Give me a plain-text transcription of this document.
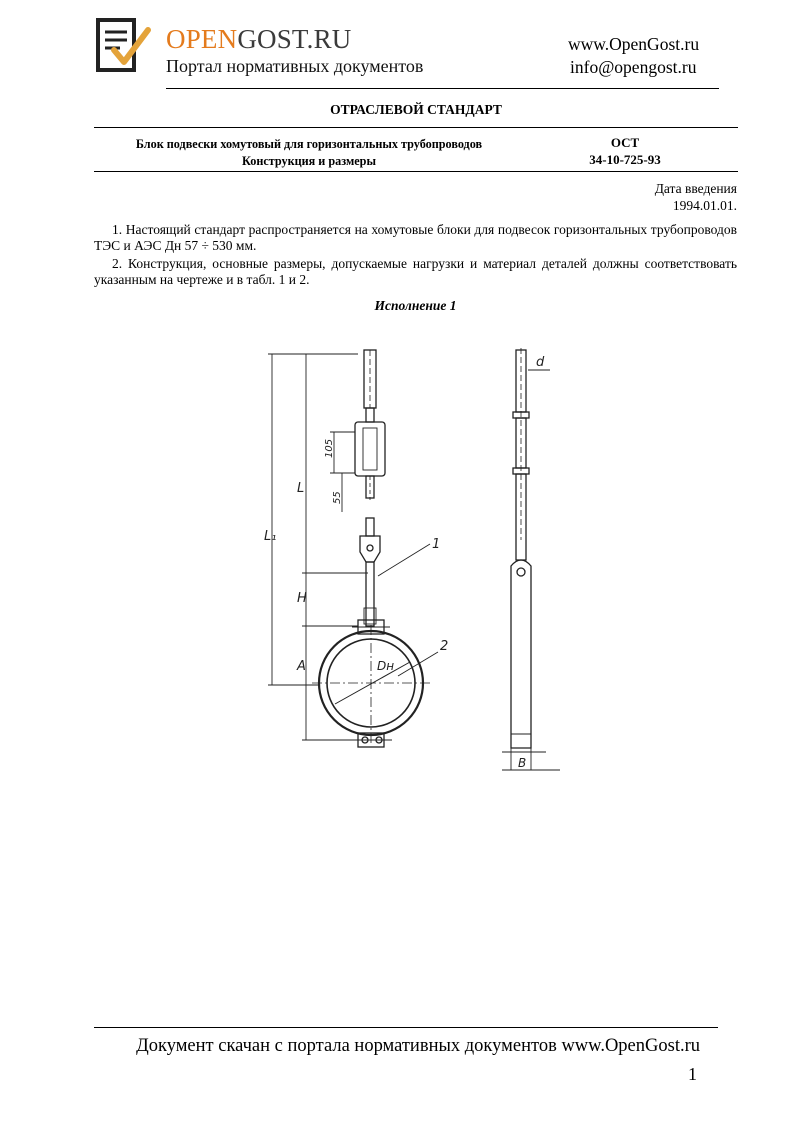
OPENGOST.RU
Портал нормативных документов
www.OpenGost.ru
info@opengost.ru
ОТРАСЛЕВОЙ СТАНДАРТ
Блок подвески хомутовый для горизонтальных трубопроводов
Конструкция и размеры
ОСТ
34-10-725-93
Дата введения
1994.01.01.
1. Настоящий стандарт распространяется на хомутовые блоки для подвесок горизонтальных трубопроводов ТЭС и АЭС Дн 57 ÷ 530 мм.
2. Конструкция, основные размеры, допускаемые нагрузки и материал деталей должны соответствовать указанным на чертеже и в табл. 1 и 2.
Исполнение 1
L₁
L
H
A
105
55
Dн
d
B
1
2
Документ скачан с портала нормативных документов www.OpenGost.ru
1
